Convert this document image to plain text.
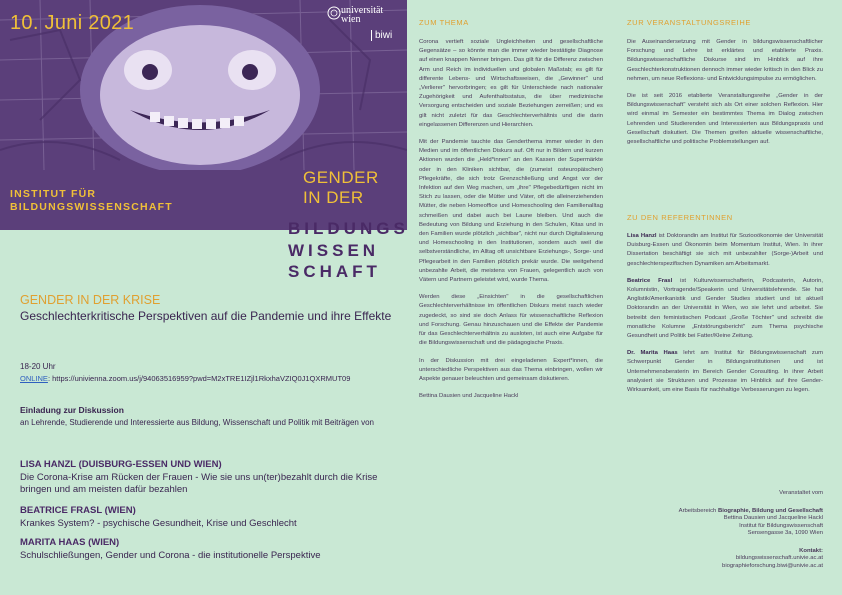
10. Juni 2021
universität
wien
biwi
INSTITUT FÜR
BILDUNGSWISSENSCHAFT
GENDER
IN DER
BILDUNGS
WISSEN
SCHAFT
GENDER IN DER KRISE
Geschlechterkritische Perspektiven auf die Pandemie und ihre Effekte
18-20 Uhr
ONLINE: https://univienna.zoom.us/j/94063516959?pwd=M2xTRE1IZjl1RkxhaVZIQ0J1QXRMUT09
Einladung zur Diskussion
an Lehrende, Studierende und Interessierte aus Bildung, Wissenschaft und Politik mit Beiträgen von
LISA HANZL (DUISBURG-ESSEN UND WIEN)
Die Corona-Krise am Rücken der Frauen - Wie sie uns un(ter)bezahlt durch die Krise bringen und am meisten dafür bezahlen
BEATRICE FRASL (WIEN)
Krankes System? - psychische Gesundheit, Krise und Geschlecht
MARITA HAAS (WIEN)
Schulschließungen, Gender und Corona - die institutionelle Perspektive
ZUM THEMA

Corona vertieft soziale Ungleichheiten und gesellschaftliche Gegensätze – so könnte man die immer wieder bestätigte Diagnose auf einen knappen Nenner bringen. Das gilt für die Differenz zwischen Arm und Reich im individuellen und globalen Maßstab; es gilt für differente Lebens- und Wirtschaftsweisen, die „Gewinner" und „Verlierer" hervorbringen; es gilt für Unterschiede nach nationaler Zugehörigkeit und Aufenthaltsstatus, die über medizinische Versorgung entscheiden und soziale Beziehungen zerreißen; und es gilt nicht zuletzt für das Geschlechterverhältnis und die darin eingelassenen Differenzen und Hierarchien.

Mit der Pandemie tauchte das Genderthema immer wieder in den Medien und im öffentlichen Diskurs auf. Oft nur in Bildern und kurzen Aktionen wurden die „Held*innen" an den Kassen der Supermärkte oder in den Kliniken sichtbar, die (zumeist osteuropäischen) Pflegekräfte, die sich trotz Grenzschließung und Angst vor der Infektion auf den Weg machen, um „ihre" Pflegebedürftigen nicht im Stich zu lassen, oder die Mütter und Väter, oft die alleinerziehenden Mütter, die neben Homeoffice und Homeschooling den Familienalltag schmeißen und dabei auch bei Laune bleiben. Und auch die Bedeutung von Bildung und Erziehung in den Schulen, Kitas und in den Familien wurde plötzlich „sichtbar", nicht nur durch Digitalisierung und Homeschooling in den Institutionen, sondern auch weil die selbstverständliche, im Alltag oft unsichtbare Erziehungs-, Sorge- und Pflegearbeit in den Familien plötzlich prekär wurde. Die weitgehend unbezahlte Arbeit, die meistens von Frauen, gelegentlich auch von Vätern und Partnern geleistet wird, wurde Thema.

Werden diese „Einsichten" in die gesellschaftlichen Geschlechterverhältnisse im öffentlichen Diskurs meist rasch wieder zugedeckt, so sind sie doch Anlass für wissenschaftliche Reflexion und Forschung. Genau hinzuschauen und die Effekte der Pandemie für das Geschlechterverhältnis zu ausloten, ist auch eine Aufgabe für die Bildungswissenschaft und die pädagogische Praxis.

In der Diskussion mit drei eingeladenen Expert*innen, die unterschiedliche Perspektiven aus das Thema einbringen, wollen wir Aspekte genauer beleuchten und gemeinsam diskutieren.

Bettina Dausien und Jacqueline Hackl

ZUR VERANSTALTUNGSREIHE

Die Auseinandersetzung mit Gender in bildungswissenschaftlicher Forschung und Lehre ist erklärtes und etablierte Praxis. Bildungswissenschaftliche Diskurse sind im Hinblick auf ihre Geschlechterkonstruktionen dennoch immer wieder kritisch in den Blick zu nehmen, um neue Reflexions- und Entwicklungsimpulse zu ermöglichen.

Die ist seit 2016 etablierte Veranstaltungsreihe „Gender in der Bildungswissenschaft" versteht sich als Ort einer solchen Reflexion. Hier wird einmal im Semester ein bestimmtes Thema im Dialog zwischen Lehrenden und Studierenden und Interessierten aus Bildungspraxis und Gesellschaft diskutiert. Die Themen greifen aktuelle wissenschaftliche, gesellschaftliche und politische Problemstellungen auf.

ZU DEN REFERENTINNEN

Lisa Hanzl ist Doktorandin am Institut für Soziooökonomie der Universität Duisburg-Essen und Ökonomin beim Momentum Institut, Wien. In ihrer Dissertation beschäftigt sie sich mit unbezahlter (Sorge-)Arbeit und geschlechterspezifischen Dynamiken am Arbeitsmarkt.

Beatrice Frasl ist Kulturwissenschafterin, Podcasterin, Autorin, Kolumnistin, Vortragende/Speakerin und Universitätslehrende. Sie hat Anglistik/Amerikanistik und Gender Studies studiert und ist aktuell Doktorandin an der Universität in Wien, wo sie lehrt und arbeitet. Sie betreibt den feministischen Podcast „Große Töchter" und schreibt die monatliche Kolumne „Entstörungsbericht" zum Thema psychische Gesundheit und Politik bei Fatter/Kleine Zeitung.

Dr. Marita Haas lehrt am Institut für Bildungswissenschaft zum Schwerpunkt Gender in Bildungsinstitutionen und ist Unternehmensberaterin im Bereich Gender Consulting. In ihrer Arbeit analysiert sie Strukturen und Prozesse im Hinblick auf ihre Gender-Wirksamkeit, um eine Basis für nachhaltige Verbesserungen zu legen.

Veranstaltet vom
Arbeitsbereich Biographie, Bildung und Gesellschaft
Bettina Dausien und Jacqueline Hackl
Institut für Bildungswissenschaft
Sensengasse 3a, 1090 Wien
Kontakt:
bildungswissenschaft.univie.ac.at
biographieforschung.biwi@univie.ac.at
